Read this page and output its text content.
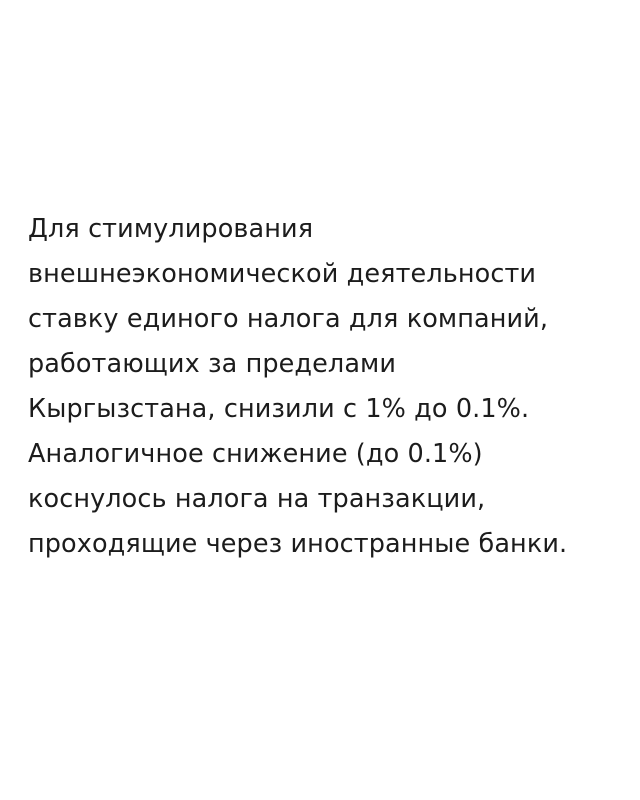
Для стимулирования
внешнеэкономической деятельности
ставку единого налога для компаний,
работающих за пределами
Кыргызстана, снизили с 1% до 0.1%.
Аналогичное снижение (до 0.1%)
коснулось налога на транзакции,
проходящие через иностранные банки.
